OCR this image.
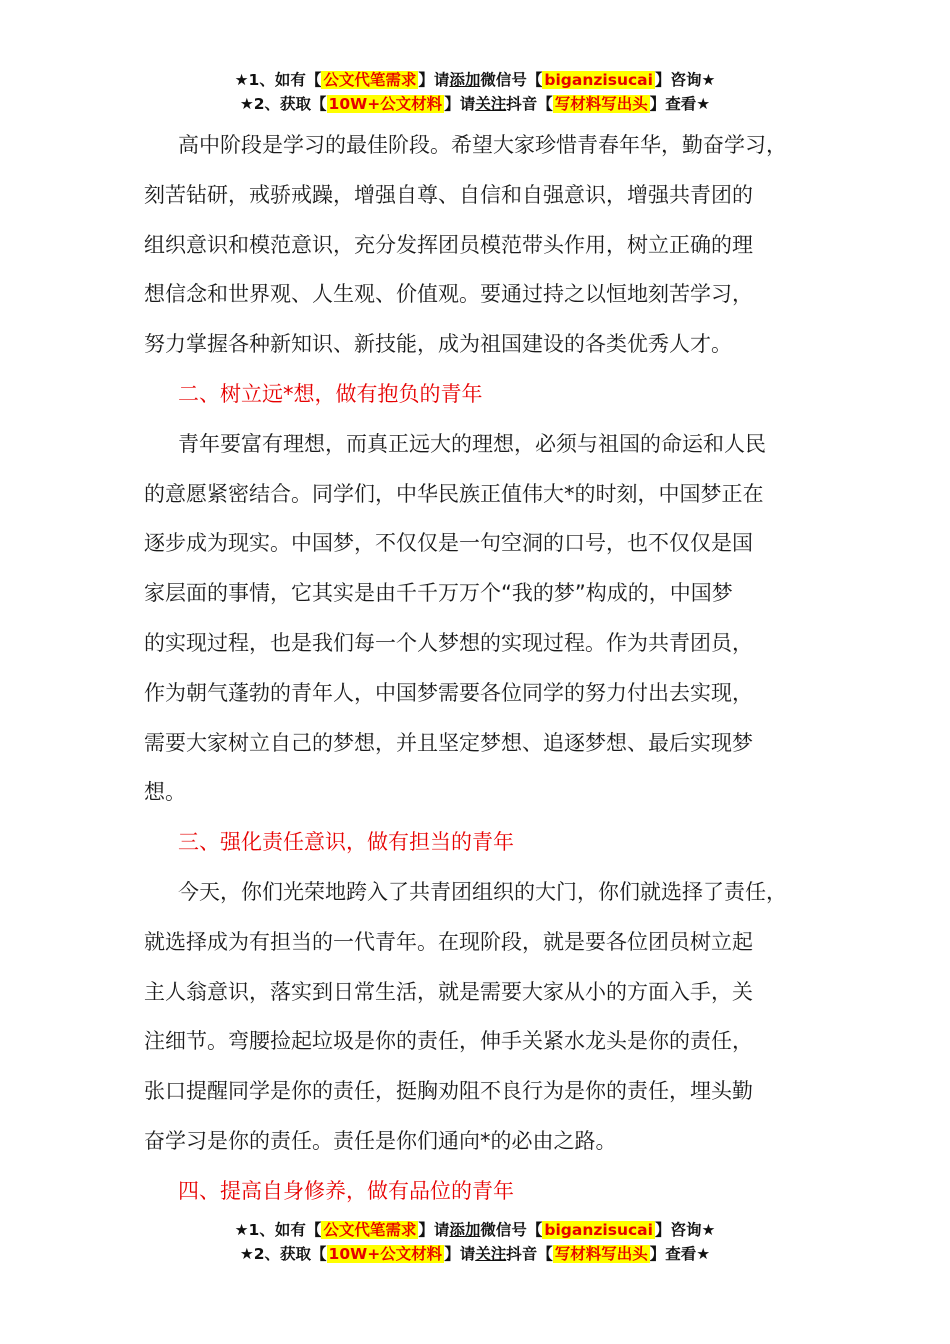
★1、如有【 公文代笔需求 】请添加微信号【 biganzisucai 】咨询★
★2、获取【 10W+公文材料 】请关注抖音【 写材料写出头 】查看★

高中阶段是学习的最佳阶段。希望大家珍惜青春年华，勤奋学习，

刻苦钻研，戒骄戒躁，增强自尊、自信和自强意识，增强共青团的

组织意识和模范意识，充分发挥团员模范带头作用，树立正确的理

想信念和世界观、人生观、价值观。要通过持之以恒地刻苦学习，

努力掌握各种新知识、新技能，成为祖国建设的各类优秀人才。

二、树立远*想，做有抱负的青年

青年要富有理想，而真正远大的理想，必须与祖国的命运和人民

的意愿紧密结合。同学们，中华民族正值伟大*的时刻，中国梦正在

逐步成为现实。中国梦，不仅仅是一句空洞的口号，也不仅仅是国

家层面的事情，它其实是由千千万万个“我的梦”构成的，中国梦

的实现过程，也是我们每一个人梦想的实现过程。作为共青团员，

作为朝气蓬勃的青年人，中国梦需要各位同学的努力付出去实现，

需要大家树立自己的梦想，并且坚定梦想、追逐梦想、最后实现梦

想。

三、强化责任意识，做有担当的青年

今天，你们光荣地跨入了共青团组织的大门，你们就选择了责任，

就选择成为有担当的一代青年。在现阶段，就是要各位团员树立起

主人翁意识，落实到日常生活，就是需要大家从小的方面入手，关

注细节。弯腰捡起垃圾是你的责任，伸手关紧水龙头是你的责任，

张口提醒同学是你的责任，挺胸劝阻不良行为是你的责任，埋头勤

奋学习是你的责任。责任是你们通向*的必由之路。

四、提高自身修养，做有品位的青年

★1、如有【 公文代笔需求 】请添加微信号【 biganzisucai 】咨询★
★2、获取【 10W+公文材料 】请关注抖音【 写材料写出头 】查看★
